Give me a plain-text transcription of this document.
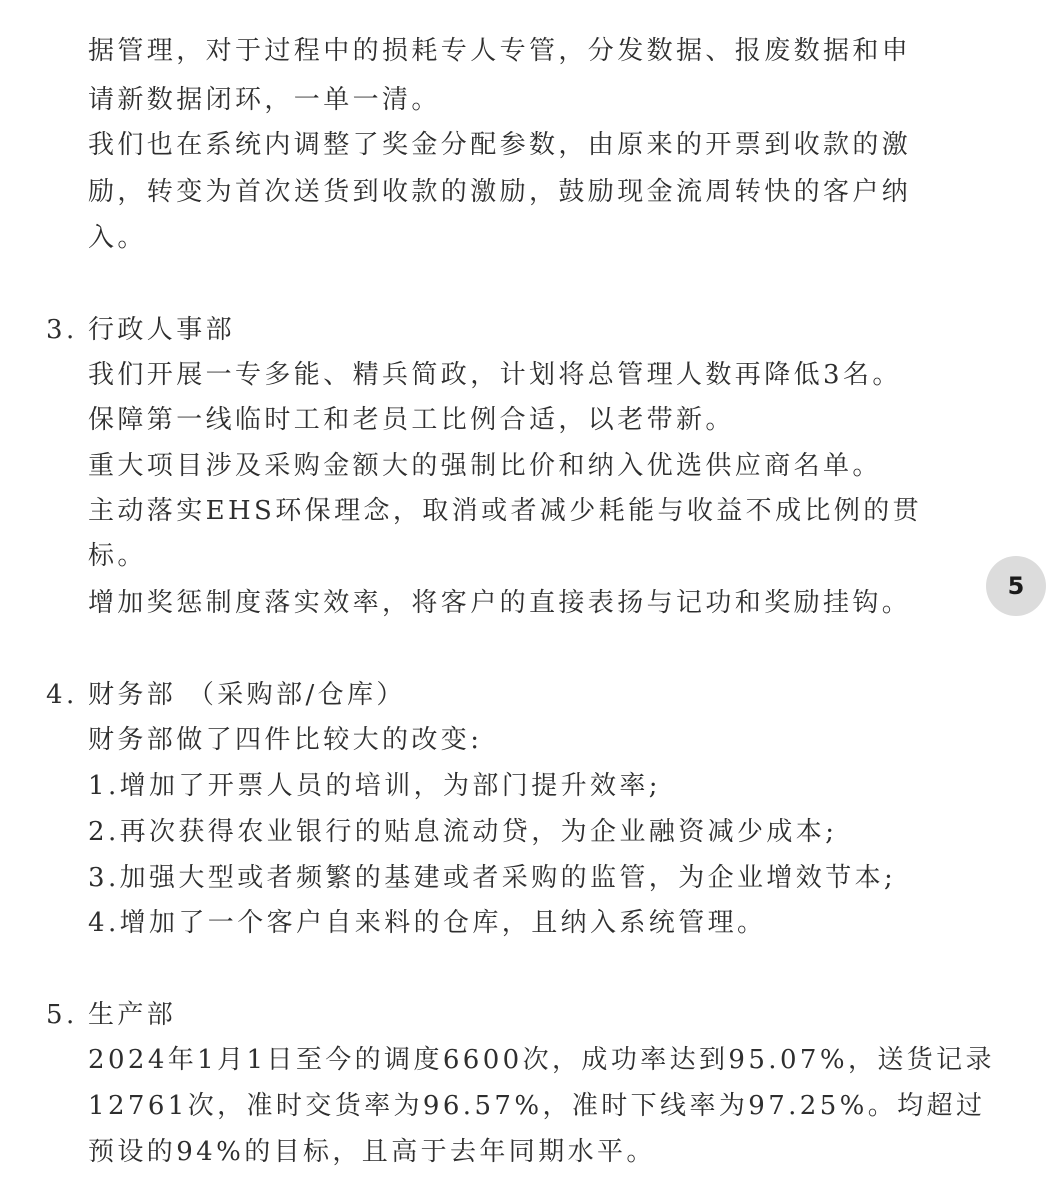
据管理，对于过程中的损耗专人专管，分发数据、报废数据和申
请新数据闭环，一单一清。
我们也在系统内调整了奖金分配参数，由原来的开票到收款的激
励，转变为首次送货到收款的激励，鼓励现金流周转快的客户纳
入。
3. 行政人事部
我们开展一专多能、精兵简政，计划将总管理人数再降低3名。
保障第一线临时工和老员工比例合适，以老带新。
重大项目涉及采购金额大的强制比价和纳入优选供应商名单。
主动落实EHS环保理念，取消或者减少耗能与收益不成比例的贯
标。
增加奖惩制度落实效率，将客户的直接表扬与记功和奖励挂钩。
4. 财务部 （采购部/仓库）
财务部做了四件比较大的改变:
1.增加了开票人员的培训，为部门提升效率;
2.再次获得农业银行的贴息流动贷，为企业融资减少成本;
3.加强大型或者频繁的基建或者采购的监管，为企业增效节本;
4.增加了一个客户自来料的仓库，且纳入系统管理。
5. 生产部
2024年1月1日至今的调度6600次，成功率达到95.07%，送货记录
12761次，准时交货率为96.57%，准时下线率为97.25%。均超过
预设的94%的目标，且高于去年同期水平。
5
